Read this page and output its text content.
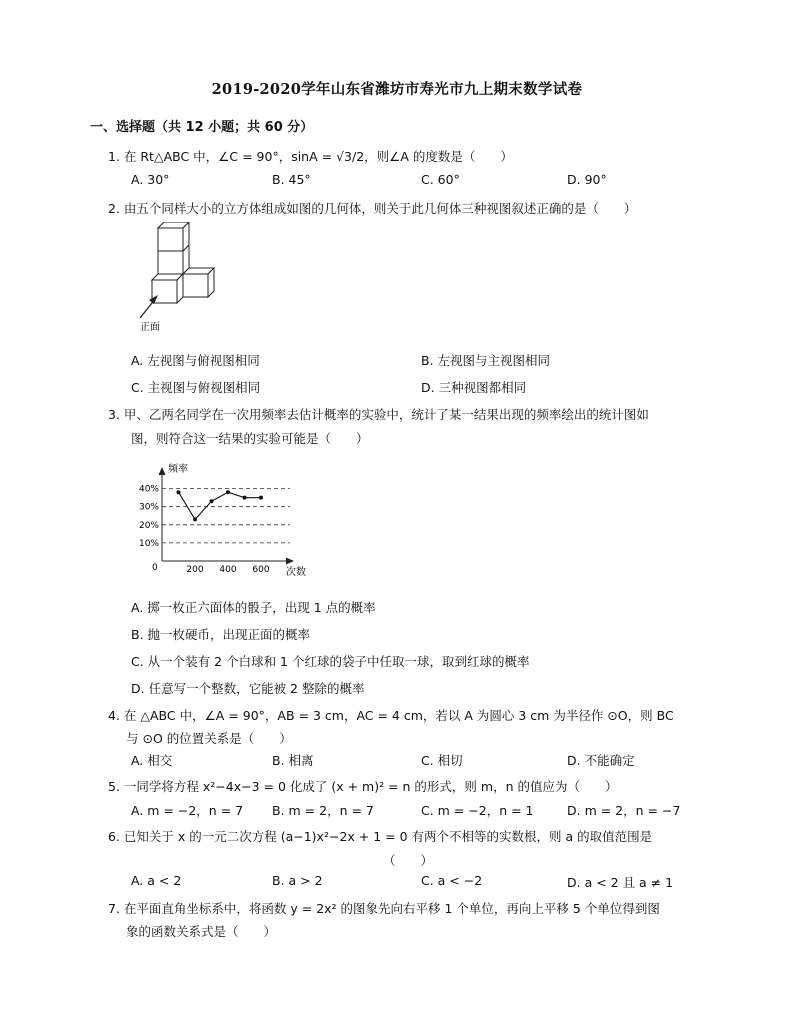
2019-2020学年山东省潍坊市寿光市九上期末数学试卷
一、选择题（共 12 小题；共 60 分）
1. 在 Rt△ABC 中，∠C = 90°，sinA = √3/2，则∠A 的度数是（　　）
A. 30°	B. 45°	C. 60°	D. 90°
2. 由五个同样大小的立方体组成如图的几何体，则关于此几何体三种视图叙述正确的是（　　）
正面
A. 左视图与俯视图相同	B. 左视图与主视图相同
C. 主视图与俯视图相同	D. 三种视图都相同
3. 甲、乙两名同学在一次用频率去估计概率的实验中，统计了某一结果出现的频率绘出的统计图如
图，则符合这一结果的实验可能是（　　）
频率
次数
0
10%
20%
30%
40%
200 400 600
A. 掷一枚正六面体的骰子，出现 1 点的概率
B. 抛一枚硬币，出现正面的概率
C. 从一个装有 2 个白球和 1 个红球的袋子中任取一球，取到红球的概率
D. 任意写一个整数，它能被 2 整除的概率
4. 在 △ABC 中，∠A = 90°，AB = 3 cm，AC = 4 cm，若以 A 为圆心 3 cm 为半径作 ⊙O，则 BC
与 ⊙O 的位置关系是（　　）
A. 相交	B. 相离	C. 相切	D. 不能确定
5. 一同学将方程 x²−4x−3 = 0 化成了 (x + m)² = n 的形式，则 m，n 的值应为（　　）
A. m = −2，n = 7 B. m = 2，n = 7	C. m = −2，n = 1	D. m = 2，n = −7
6. 已知关于 x 的一元二次方程 (a−1)x²−2x + 1 = 0 有两个不相等的实数根，则 a 的取值范围是
（　　）
A. a < 2	B. a > 2	C. a < −2	D. a < 2 且 a ≠ 1
7. 在平面直角坐标系中，将函数 y = 2x² 的图象先向右平移 1 个单位，再向上平移 5 个单位得到图
象的函数关系式是（　　）
